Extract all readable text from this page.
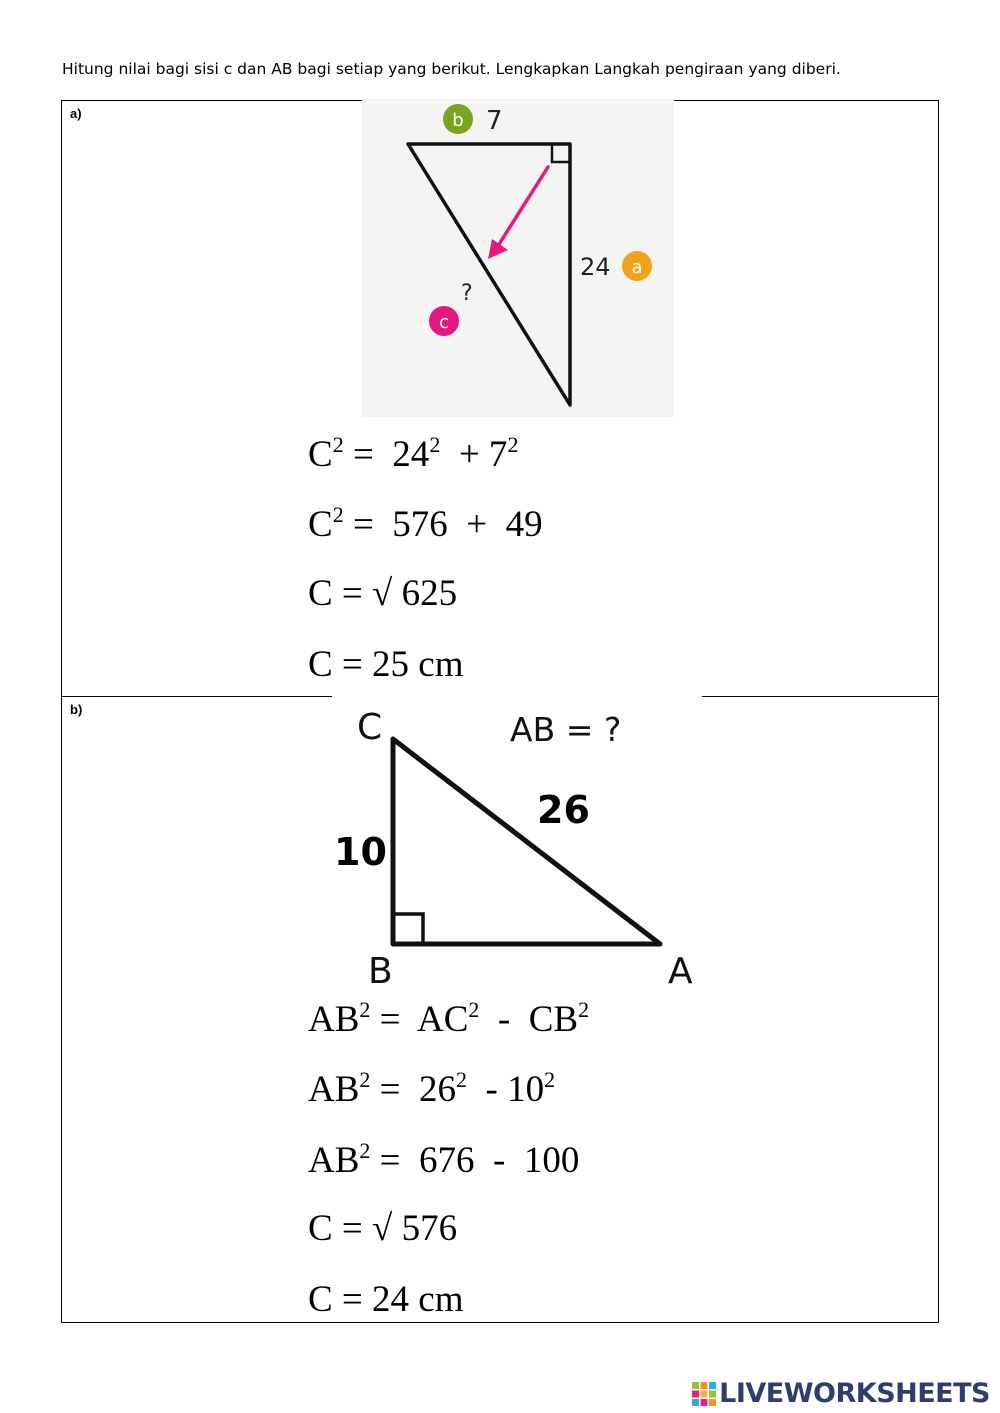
Hitung nilai bagi sisi c dan AB bagi setiap yang berikut. Lengkapkan Langkah pengiraan yang diberi.
a)	b 7
24 a
c
?
$C^2 = 24^2 + 7^2$
$C^2 = 576 + 49$
C = √ 625
C = 25 cm
b)	C
B	A
AB = ?
26
10
$AB^2 = AC^2 - CB^2$
$AB^2 = 26^2 - 10^2$
$AB^2 = 676 - 100$
C = √ 576
C = 24 cm
LIVEWORKSHEETS
